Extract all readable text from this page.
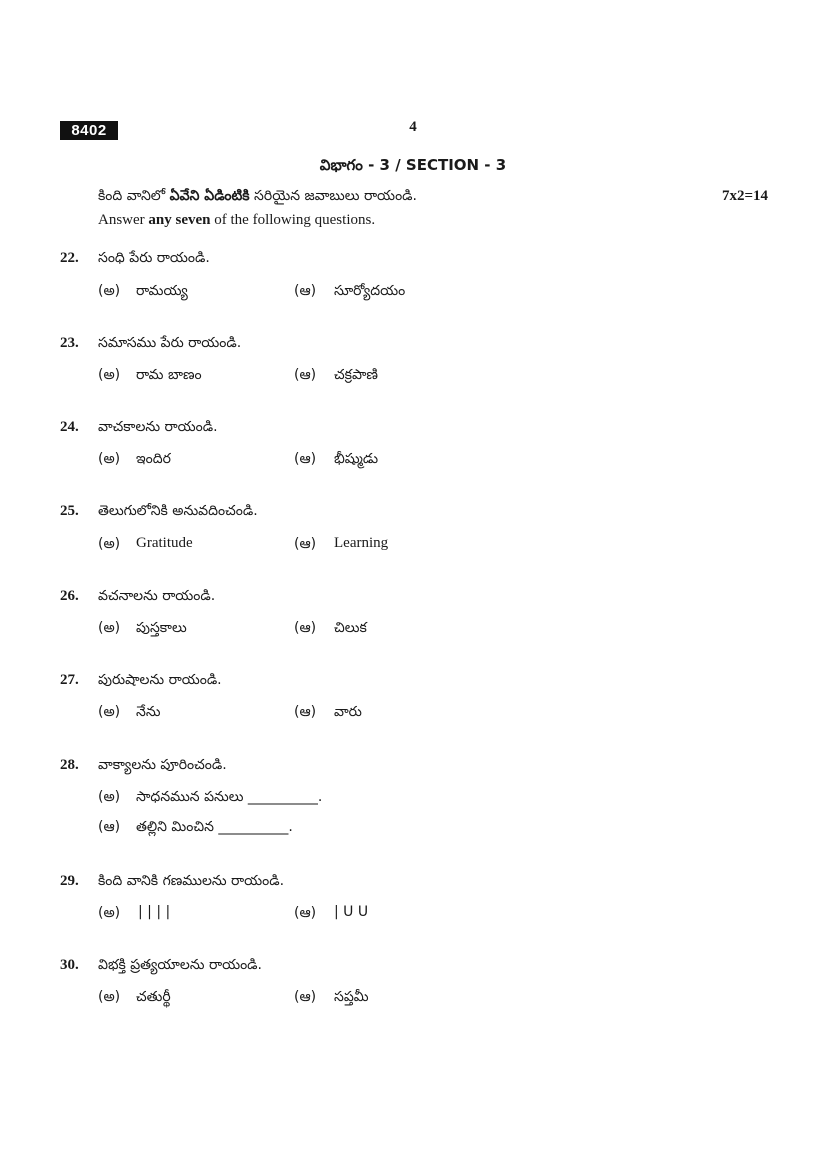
8402	4
విభాగం - 3 / SECTION - 3
కింది వానిలో ఏవేని ఏడింటికి సరియైన జవాబులు రాయండి.	7x2=14
Answer any seven of the following questions.
22.	సంధి పేరు రాయండి.
(అ) రామయ్య	(ఆ) సూర్యోదయం
23.	సమాసము పేరు రాయండి.
(అ) రామ బాణం	(ఆ) చక్రపాణి
24.	వాచకాలను రాయండి.
(అ) ఇందిర	(ఆ) భీష్ముడు
25.	తెలుగులోనికి అనువదించండి.
(అ) Gratitude	(ఆ) Learning
26.	వచనాలను రాయండి.
(అ) పుస్తకాలు	(ఆ) చిలుక
27.	పురుషాలను రాయండి.
(అ) నేను	(ఆ) వారు
28.	వాక్యాలను పూరించండి.
(అ) సాధనమున పనులు __________.
(ఆ) తల్లిని మించిన __________.
29.	కింది వానికి గణములను రాయండి.
(అ) | | | |	(ఆ) | U U
30.	విభక్తి ప్రత్యయాలను రాయండి.
(అ) చతుర్థీ	(ఆ) సప్తమీ
